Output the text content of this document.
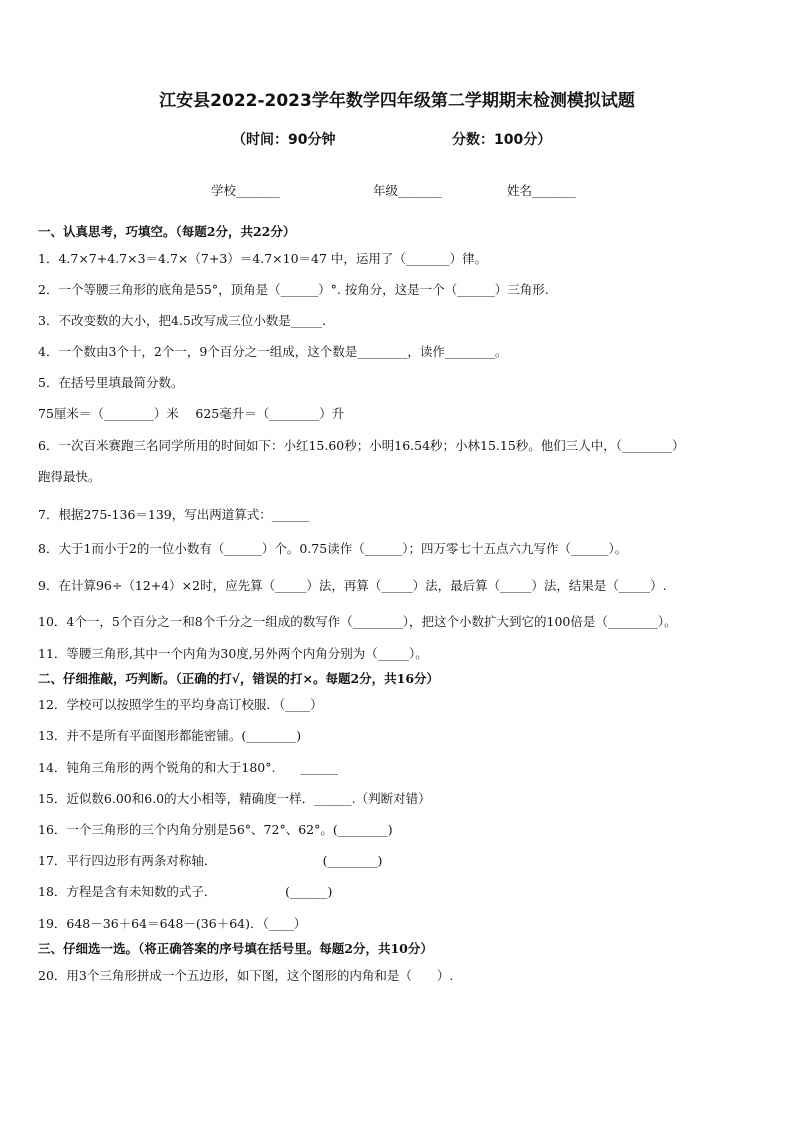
江安县2022-2023学年数学四年级第二学期期末检测模拟试题
（时间：90分钟	分数：100分）
学校_______	年级_______	姓名_______
一、认真思考，巧填空。（每题2分，共22分）
1．4.7×7+4.7×3＝4.7×（7+3）＝4.7×10＝47 中，运用了（_______）律。
2．一个等腰三角形的底角是55°，顶角是（______）°. 按角分，这是一个（______）三角形.
3．不改变数的大小，把4.5改写成三位小数是_____．
4．一个数由3个十，2个一，9个百分之一组成，这个数是________，读作________。
5．在括号里填最简分数。
75厘米＝（________）米　 625毫升＝（________）升
6．一次百米赛跑三名同学所用的时间如下：小红15.60秒；小明16.54秒；小林15.15秒。他们三人中，（________）
跑得最快。
7．根据275-136＝139，写出两道算式：______
8．大于1而小于2的一位小数有（______）个。0.75读作（______）；四万零七十五点六九写作（______）。
9．在计算96÷（12+4）×2时，应先算（_____）法，再算（_____）法，最后算（_____）法，结果是（_____）.
10．4个一，5个百分之一和8个千分之一组成的数写作（________），把这个小数扩大到它的100倍是（________）。
11．等腰三角形,其中一个内角为30度,另外两个内角分别为（_____）。
二、仔细推敲，巧判断。（正确的打√，错误的打×。每题2分，共16分）
12．学校可以按照学生的平均身高订校服．（____）
13．并不是所有平面图形都能密铺。(________)
14．钝角三角形的两个锐角的和大于180°.　　______
15．近似数6.00和6.0的大小相等，精确度一样．______.（判断对错）
16．一个三角形的三个内角分别是56°、72°、62°。(________)
17．平行四边形有两条对称轴．　　　　　　　　　(________)
18．方程是含有未知数的式子．　　　　　　(______)
19．648－36＋64＝648－(36＋64)．（____）
三、仔细选一选。（将正确答案的序号填在括号里。每题2分，共10分）
20．用3个三角形拼成一个五边形，如下图，这个图形的内角和是（　　）.
